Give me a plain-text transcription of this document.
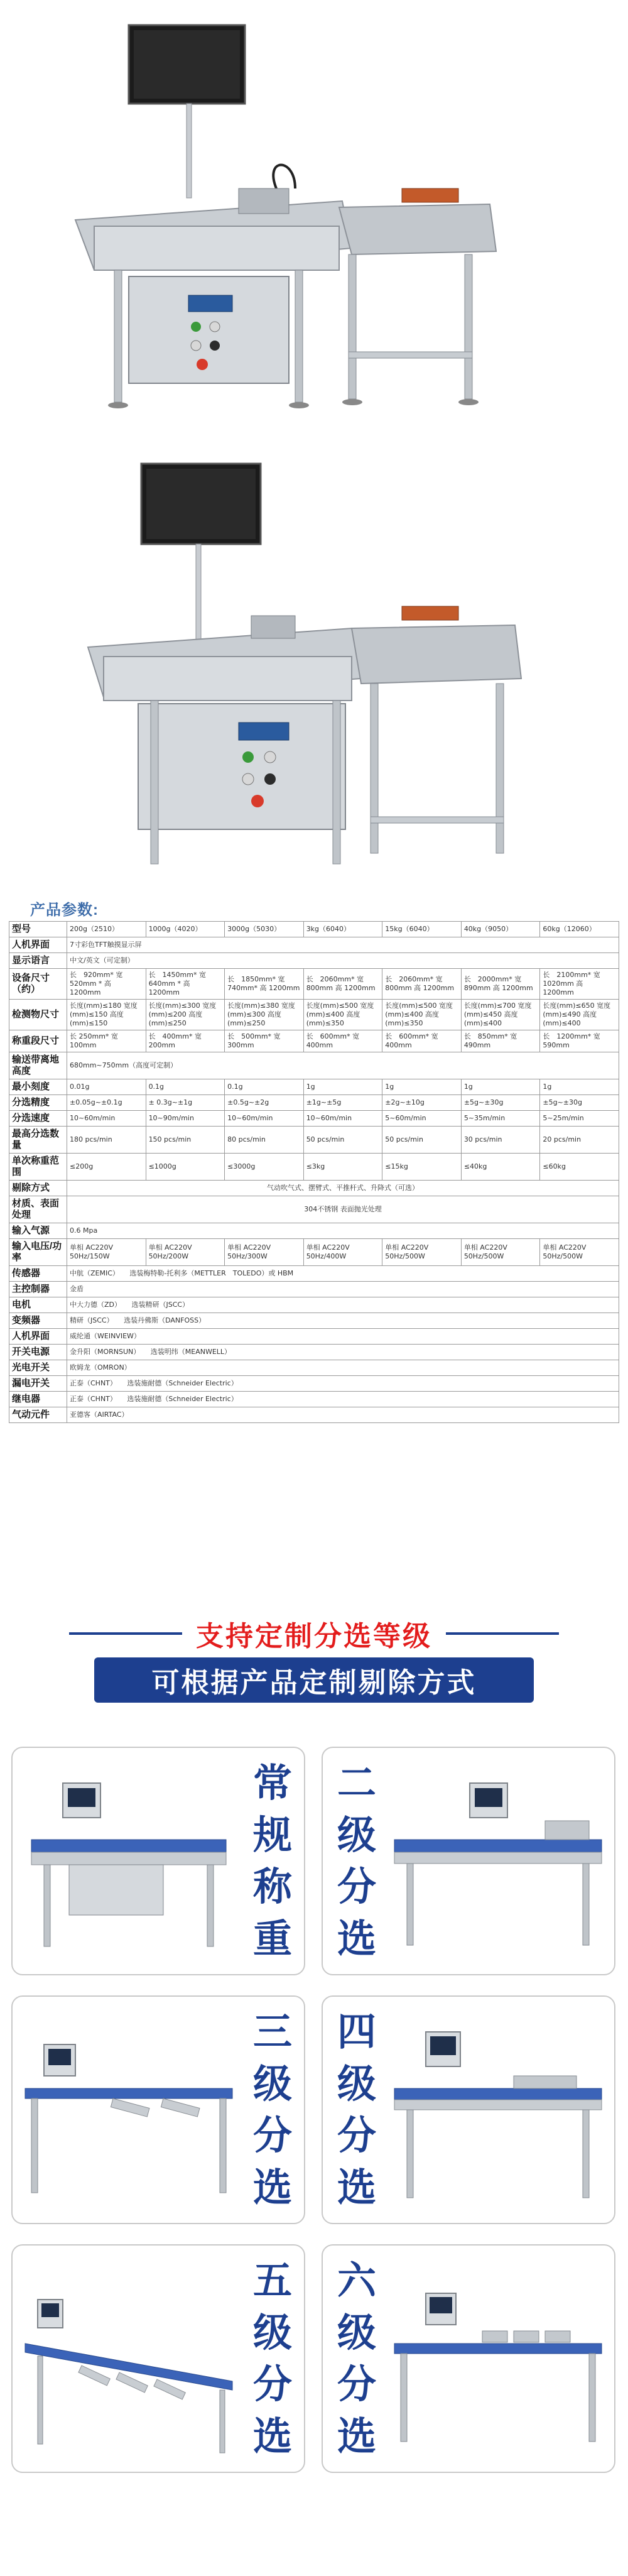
产品参数:
型号	200g（2510）	1000g（4020）	3000g（5030）	3kg（6040）	15kg（6040）	40kg（9050）	60kg（12060）
人机界面	7寸彩色TFT触摸显示屏						
显示语言	中文/英文（可定制）						
设备尺寸（约）	长　920mm* 宽　520mm * 高　1200mm	长　1450mm* 宽　640mm * 高　1200mm	长　1850mm* 宽　740mm* 高 1200mm	长　2060mm* 宽　800mm 高 1200mm	长　2060mm* 宽　800mm 高 1200mm	长　2000mm* 宽　890mm 高 1200mm	长　2100mm* 宽　1020mm 高 1200mm
检测物尺寸	长度(mm)≤180 宽度(mm)≤150 高度(mm)≤150	长度(mm)≤300 宽度(mm)≤200 高度(mm)≤250	长度(mm)≤380 宽度(mm)≤300 高度(mm)≤250	长度(mm)≤500 宽度(mm)≤400 高度(mm)≤350	长度(mm)≤500 宽度(mm)≤400 高度(mm)≤350	长度(mm)≤700 宽度(mm)≤450 高度(mm)≤400	长度(mm)≤650 宽度(mm)≤490 高度(mm)≤400
称重段尺寸	长 250mm* 宽 100mm	长　400mm* 宽 200mm	长　500mm* 宽 300mm	长　600mm* 宽 400mm	长　600mm* 宽 400mm	长　850mm* 宽 490mm	长　1200mm* 宽 590mm
输送带离地高度	680mm~750mm（高度可定制）						
最小刻度	0.01g	0.1g	0.1g	1g	1g	1g	1g
分选精度	±0.05g~±0.1g	± 0.3g~±1g	±0.5g~±2g	±1g~±5g	±2g~±10g	±5g~±30g	±5g~±30g
分选速度	10~60m/min	10~90m/min	10~60m/min	10~60m/min	5~60m/min	5~35m/min	5~25m/min
最高分选数量	180 pcs/min	150 pcs/min	80 pcs/min	50 pcs/min	50 pcs/min	30 pcs/min	20 pcs/min
单次称重范围	≤200g	≤1000g	≤3000g	≤3kg	≤15kg	≤40kg	≤60kg
剔除方式	气动吹气式、摆臂式、平推杆式、升降式（可选）						
材质、表面处理	304不锈钢 表面抛光处理						
输入气源	0.6 Mpa						
输入电压/功率	单相 AC220V 50Hz/150W	单相 AC220V 50Hz/200W	单相 AC220V 50Hz/300W	单相 AC220V 50Hz/400W	单相 AC220V 50Hz/500W	单相 AC220V 50Hz/500W	单相 AC220V 50Hz/500W
传感器	中航（ZEMIC）　　选装梅特勒-托利多（METTLER　TOLEDO）或 HBM						
主控制器	金盾						
电机	中大力德（ZD）　　选装精研（JSCC）						
变频器	精研（JSCC）　　选装丹佛斯（DANFOSS）						
人机界面	威纶通（WEINVIEW）						
开关电源	金升阳（MORNSUN）　　选装明纬（MEANWELL）						
光电开关	欧姆龙（OMRON）						
漏电开关	正泰（CHNT）　　选装施耐德（Schneider Electric）						
继电器	正泰（CHNT）　　选装施耐德（Schneider Electric）						
气动元件	亚德客（AIRTAC）						
支持定制分选等级
可根据产品定制剔除方式
常
规
称
重
二
级
分
选
三
级
分
选
四
级
分
选
五
级
分
选
六
级
分
选
